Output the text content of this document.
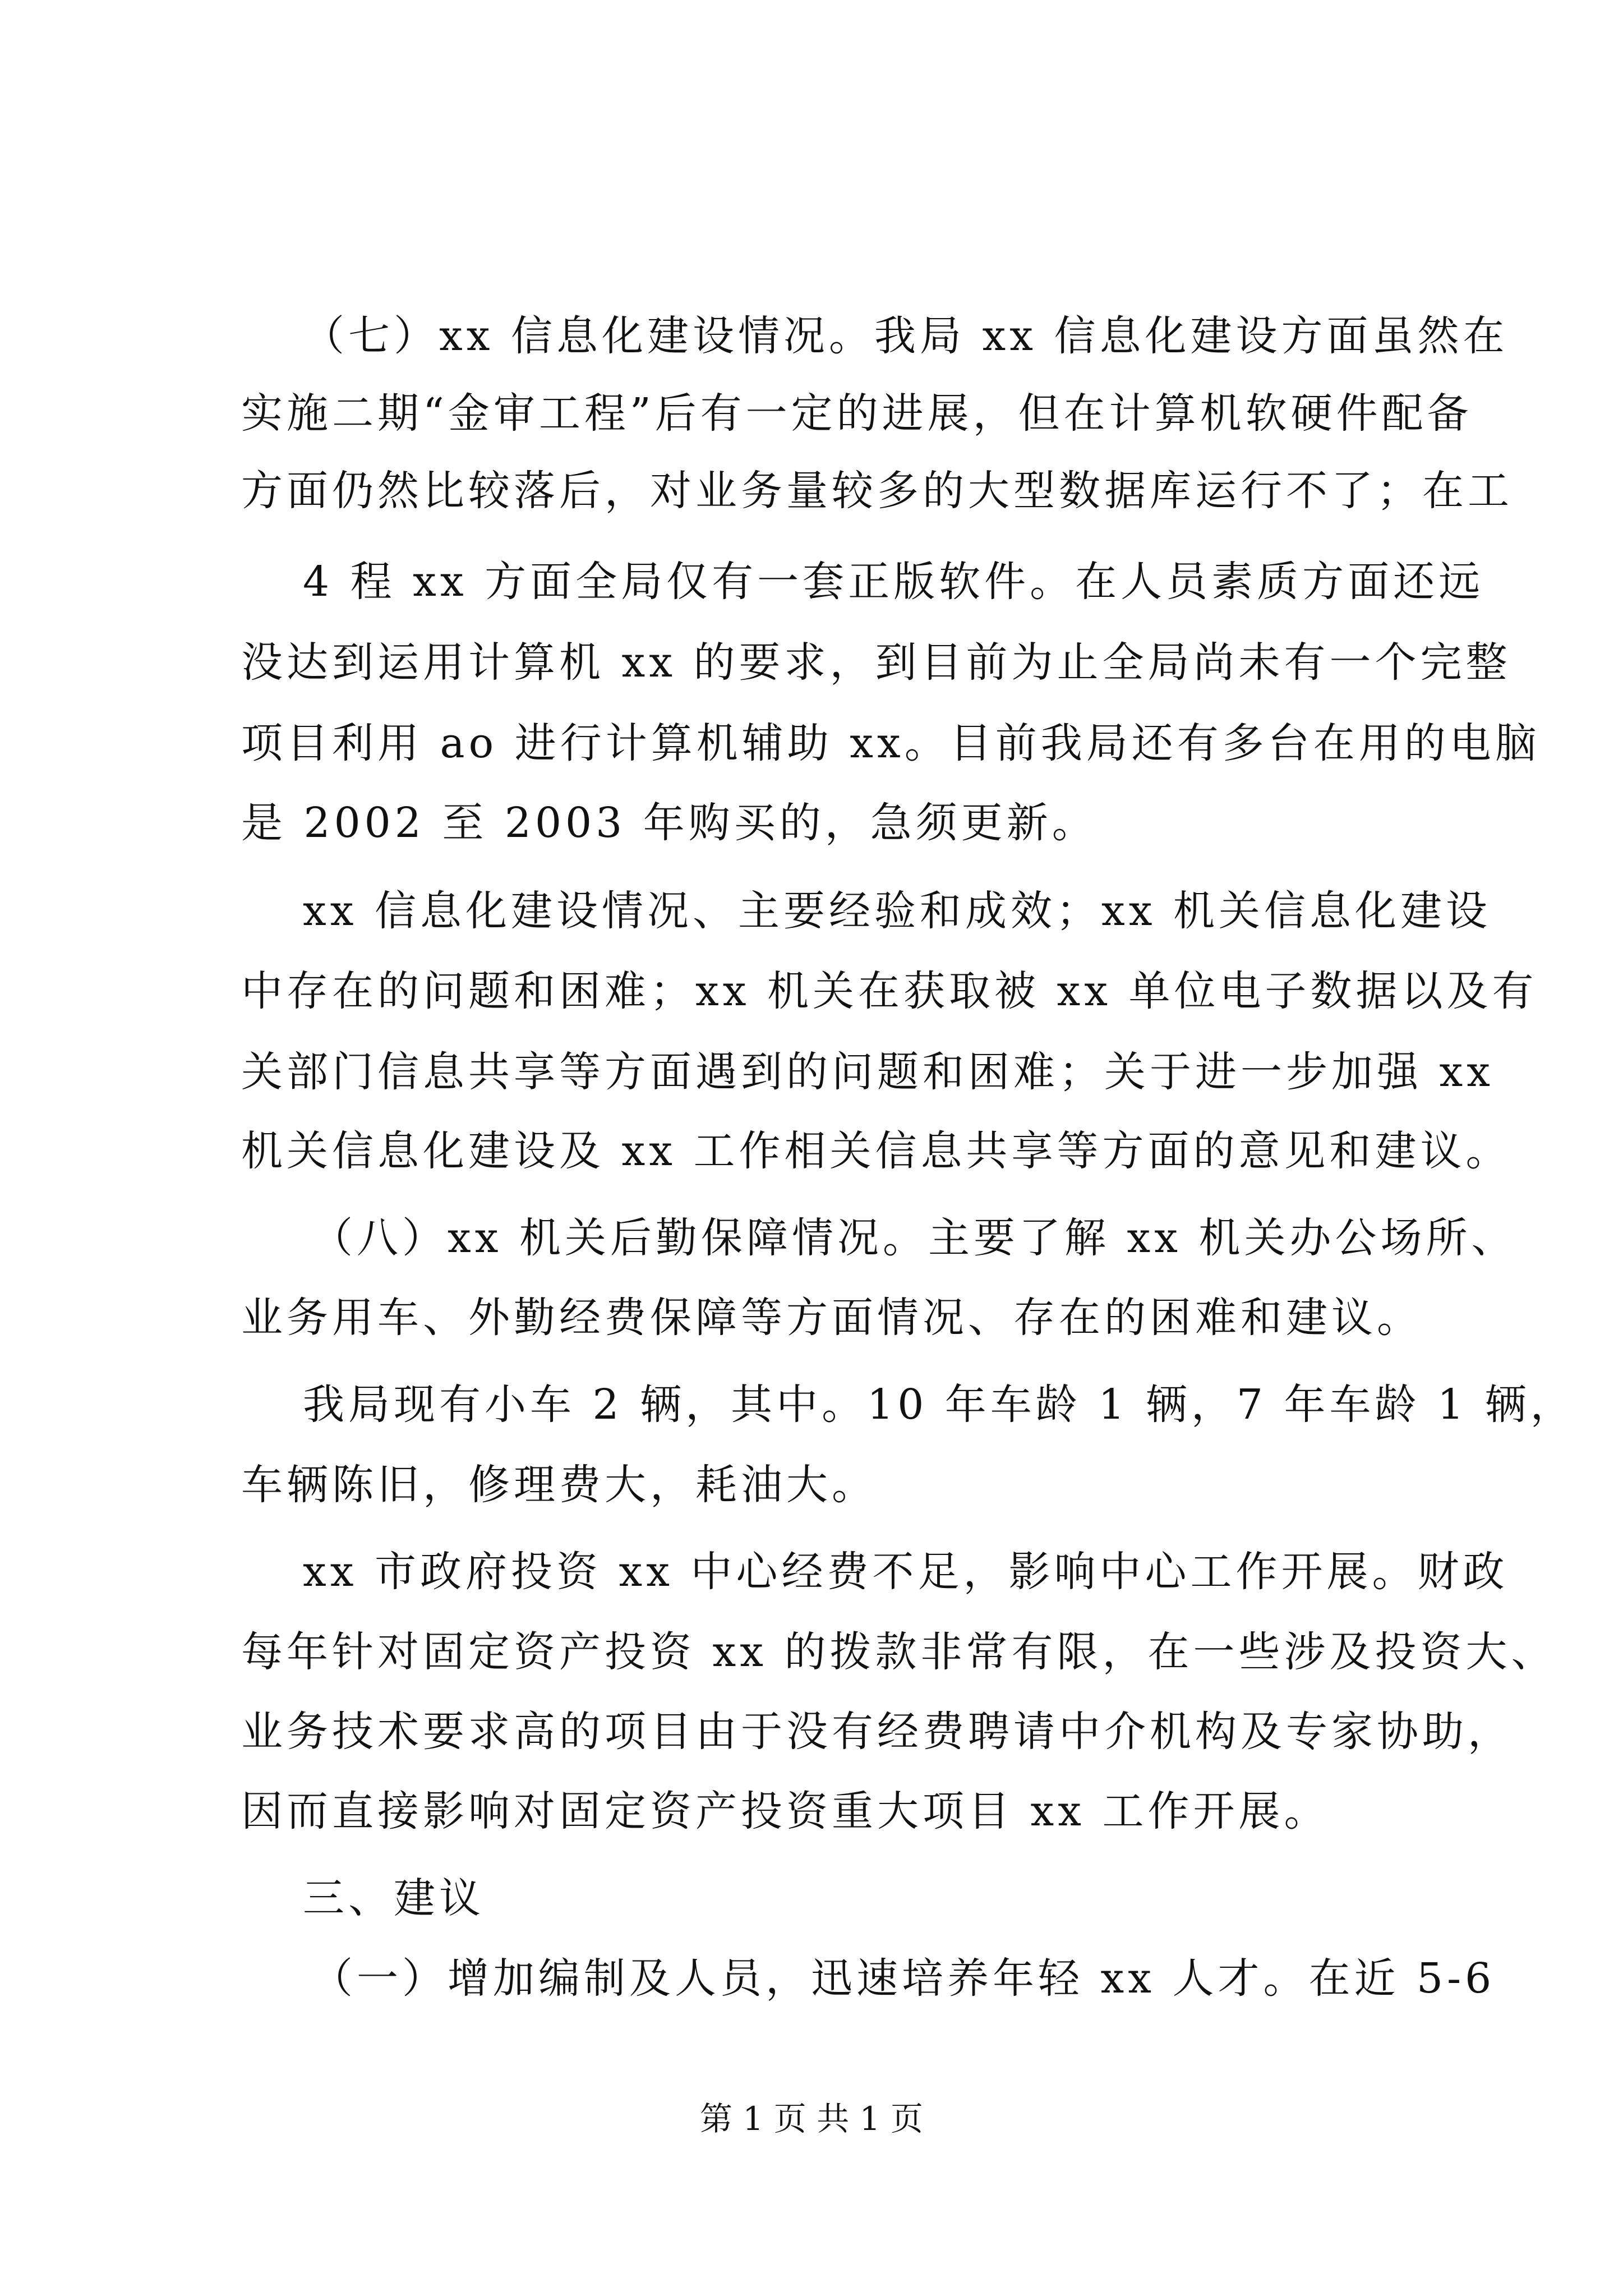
（七）xx 信息化建设情况。我局 xx 信息化建设方面虽然在
实施二期“金审工程”后有一定的进展，但在计算机软硬件配备
方面仍然比较落后，对业务量较多的大型数据库运行不了；在工
4 程 xx 方面全局仅有一套正版软件。在人员素质方面还远
没达到运用计算机 xx 的要求，到目前为止全局尚未有一个完整
项目利用 ao 进行计算机辅助 xx。目前我局还有多台在用的电脑
是 2002 至 2003 年购买的，急须更新。
xx 信息化建设情况、主要经验和成效；xx 机关信息化建设
中存在的问题和困难；xx 机关在获取被 xx 单位电子数据以及有
关部门信息共享等方面遇到的问题和困难；关于进一步加强 xx
机关信息化建设及 xx 工作相关信息共享等方面的意见和建议。
（八）xx 机关后勤保障情况。主要了解 xx 机关办公场所、
业务用车、外勤经费保障等方面情况、存在的困难和建议。
我局现有小车 2 辆，其中。10 年车龄 1 辆，7 年车龄 1 辆，
车辆陈旧，修理费大，耗油大。
xx 市政府投资 xx 中心经费不足，影响中心工作开展。财政
每年针对固定资产投资 xx 的拨款非常有限，在一些涉及投资大、
业务技术要求高的项目由于没有经费聘请中介机构及专家协助，
因而直接影响对固定资产投资重大项目 xx 工作开展。
三、建议
（一）增加编制及人员，迅速培养年轻 xx 人才。在近 5-6
第 1 页 共 1 页
